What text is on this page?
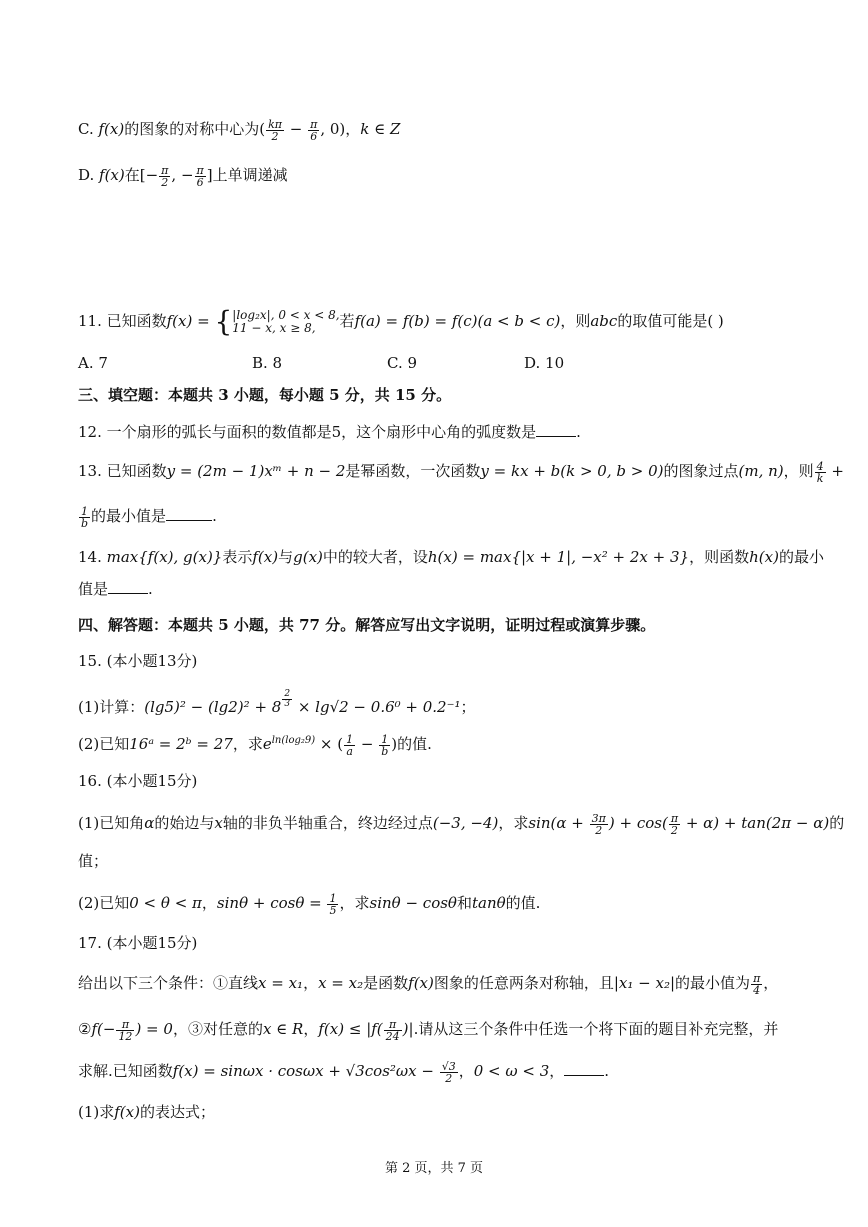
C. f(x)的图象的对称中心为( $\frac{k\pi}{2} - \frac{\pi}{6}$ , 0)，k ∈ Z
D. f(x)在[− $\frac{\pi}{2}$ , − $\frac{\pi}{6}$ ]上单调递减
11. 已知函数f(x) = { |log₂x|, 0 < x < 8,
11 − x, x ≥ 8,	若f(a) = f(b) = f(c)(a < b < c)，则abc的取值可能是( )
A. 7	B. 8	C. 9	D. 10
三、填空题：本题共 3 小题，每小题 5 分，共 15 分。
12. 一个扇形的弧长与面积的数值都是5，这个扇形中心角的弧度数是	.
13. 已知函数y = (2m − 1)xᵐ + n − 2是幂函数，一次函数y = kx + b(k > 0, b > 0)的图象过点(m, n)，则 $\frac{4}{k}$ +
$\frac{1}{b}$ 的最小值是	.
14. max{f(x), g(x)}表示f(x)与g(x)中的较大者，设h(x) = max{|x + 1|, −x² + 2x + 3}，则函数h(x)的最小
值是	.
四、解答题：本题共 5 小题，共 77 分。解答应写出文字说明，证明过程或演算步骤。
15. (本小题13分)
(1)计算：$(\lg 5)^2 - (\lg 2)^2 + 8 \frac{2}{3} \times \lg√2 - 0.6^0 + 0.2^{-1}$；
(2)已知16ᵃ = 2ᵇ = 27，求$e^{ln(log_29)}$ × ( $\frac{1}{a} - \frac{1}{b}$ )的值.
16. (本小题15分)
(1)已知角α的始边与x轴的非负半轴重合，终边经过点(−3, −4)，求$\sin(\alpha + \frac{3\pi}{2}$ ) + $\cos( \frac{\pi}{2} + \alpha) + \tan(2\pi - \alpha)$的
值；
(2)已知0 < θ < π，$\sin\theta + \cos\theta = \frac{1}{5}$ ，求sinθ − cosθ和tanθ的值.
17. (本小题15分)
给出以下三个条件：①直线x = x₁，x = x₂是函数f(x)图象的任意两条对称轴，且|x₁ − x₂|的最小值为 $\frac{\pi}{4}$ ，
②f(− $\frac{\pi}{12}$ ) = 0，③对任意的x ∈ R，$f(x) \le |f( \frac{\pi}{24}$ )|.请从这三个条件中任选一个将下面的题目补充完整，并
求解.已知函数$f(x) = \sin\omega x \cdot \cos\omega x + √3\cos^2\omega x - \frac{√3}{2}$ ，0 < ω < 3，	.
(1)求f(x)的表达式；
第 2 页，共 7 页
